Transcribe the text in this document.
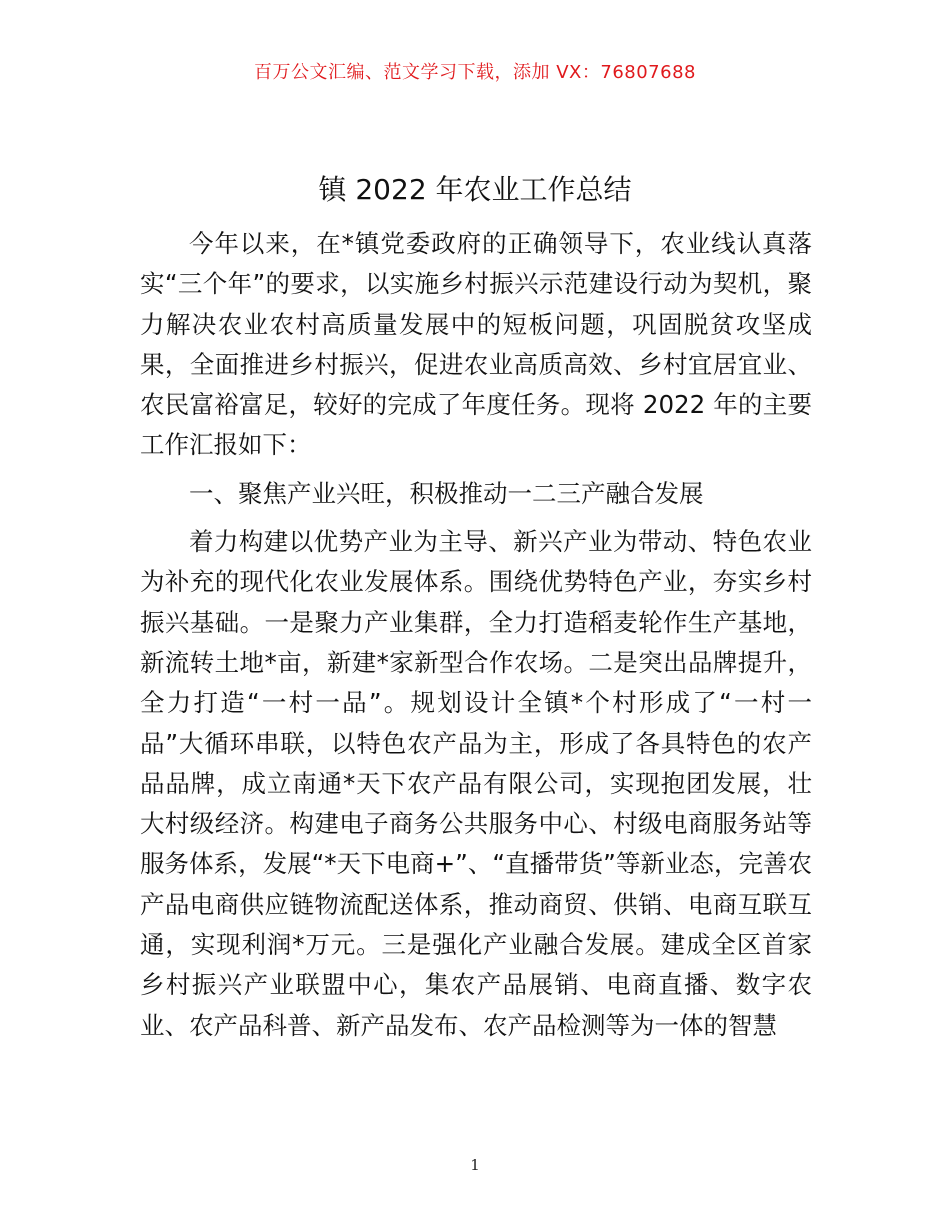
百万公文汇编、范文学习下载，添加 VX：76807688
镇 2022 年农业工作总结

今年以来，在*镇党委政府的正确领导下，农业线认真落实“三个年”的要求，以实施乡村振兴示范建设行动为契机，聚力解决农业农村高质量发展中的短板问题，巩固脱贫攻坚成果，全面推进乡村振兴，促进农业高质高效、乡村宜居宜业、农民富裕富足，较好的完成了年度任务。现将 2022 年的主要工作汇报如下：

一、聚焦产业兴旺，积极推动一二三产融合发展

着力构建以优势产业为主导、新兴产业为带动、特色农业为补充的现代化农业发展体系。围绕优势特色产业，夯实乡村振兴基础。一是聚力产业集群，全力打造稻麦轮作生产基地，新流转土地*亩，新建*家新型合作农场。二是突出品牌提升，全力打造“一村一品”。规划设计全镇*个村形成了“一村一品”大循环串联，以特色农产品为主，形成了各具特色的农产品品牌，成立南通*天下农产品有限公司，实现抱团发展，壮大村级经济。构建电子商务公共服务中心、村级电商服务站等服务体系，发展“*天下电商+”、“直播带货”等新业态，完善农产品电商供应链物流配送体系，推动商贸、供销、电商互联互通，实现利润*万元。三是强化产业融合发展。建成全区首家乡村振兴产业联盟中心，集农产品展销、电商直播、数字农业、农产品科普、新产品发布、农产品检测等为一体的智慧

1
